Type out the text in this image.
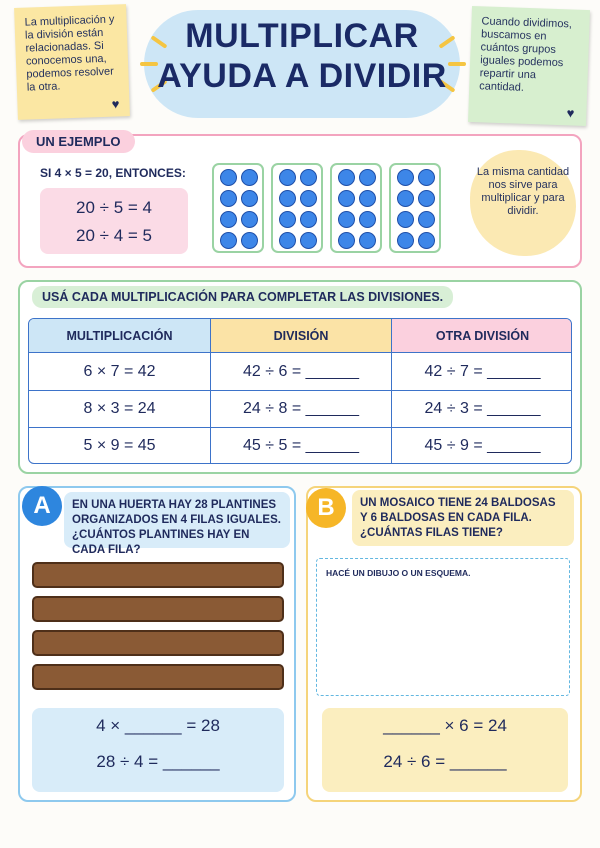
La multiplicación y la división están relacionadas. Si conocemos una, podemos resolver la otra.
♥
MULTIPLICAR
AYUDA A DIVIDIR
Cuando dividimos, buscamos en cuántos grupos iguales podemos repartir una cantidad.
♥
UN EJEMPLO
SI 4 × 5 = 20, ENTONCES:
20 ÷ 5 = 4
20 ÷ 4 = 5
La misma cantidad nos sirve para multiplicar y para dividir.
USÁ CADA MULTIPLICACIÓN PARA COMPLETAR LAS DIVISIONES.
MULTIPLICACIÓN
6 × 7 = 42
8 × 3 = 24
5 × 9 = 45
DIVISIÓN
42 ÷ 6 = ______
24 ÷ 8 = ______
45 ÷ 5 = ______
OTRA DIVISIÓN
42 ÷ 7 = ______
24 ÷ 3 = ______
45 ÷ 9 = ______
A	EN UNA HUERTA HAY 28 PLANTINES ORGANIZADOS EN 4 FILAS IGUALES. ¿CUÁNTOS PLANTINES HAY EN CADA FILA?
4 × ______ = 28
28 ÷ 4 = ______
B	UN MOSAICO TIENE 24 BALDOSAS Y 6 BALDOSAS EN CADA FILA. ¿CUÁNTAS FILAS TIENE?
HACÉ UN DIBUJO O UN ESQUEMA.
______ × 6 = 24
24 ÷ 6 = ______
